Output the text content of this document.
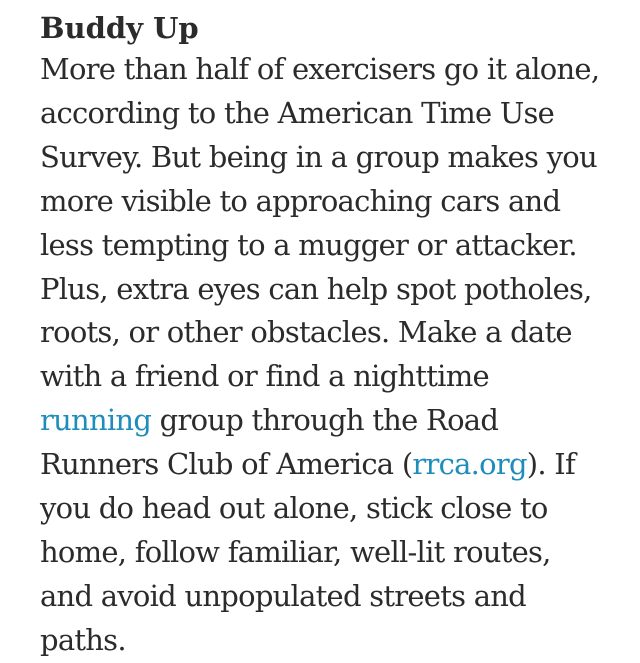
Buddy Up
More than half of exercisers go it alone,
according to the American Time Use
Survey. But being in a group makes you
more visible to approaching cars and
less tempting to a mugger or attacker.
Plus, extra eyes can help spot potholes,
roots, or other obstacles. Make a date
with a friend or find a nighttime
running group through the Road
Runners Club of America (rrca.org). If
you do head out alone, stick close to
home, follow familiar, well-lit routes,
and avoid unpopulated streets and
paths.
